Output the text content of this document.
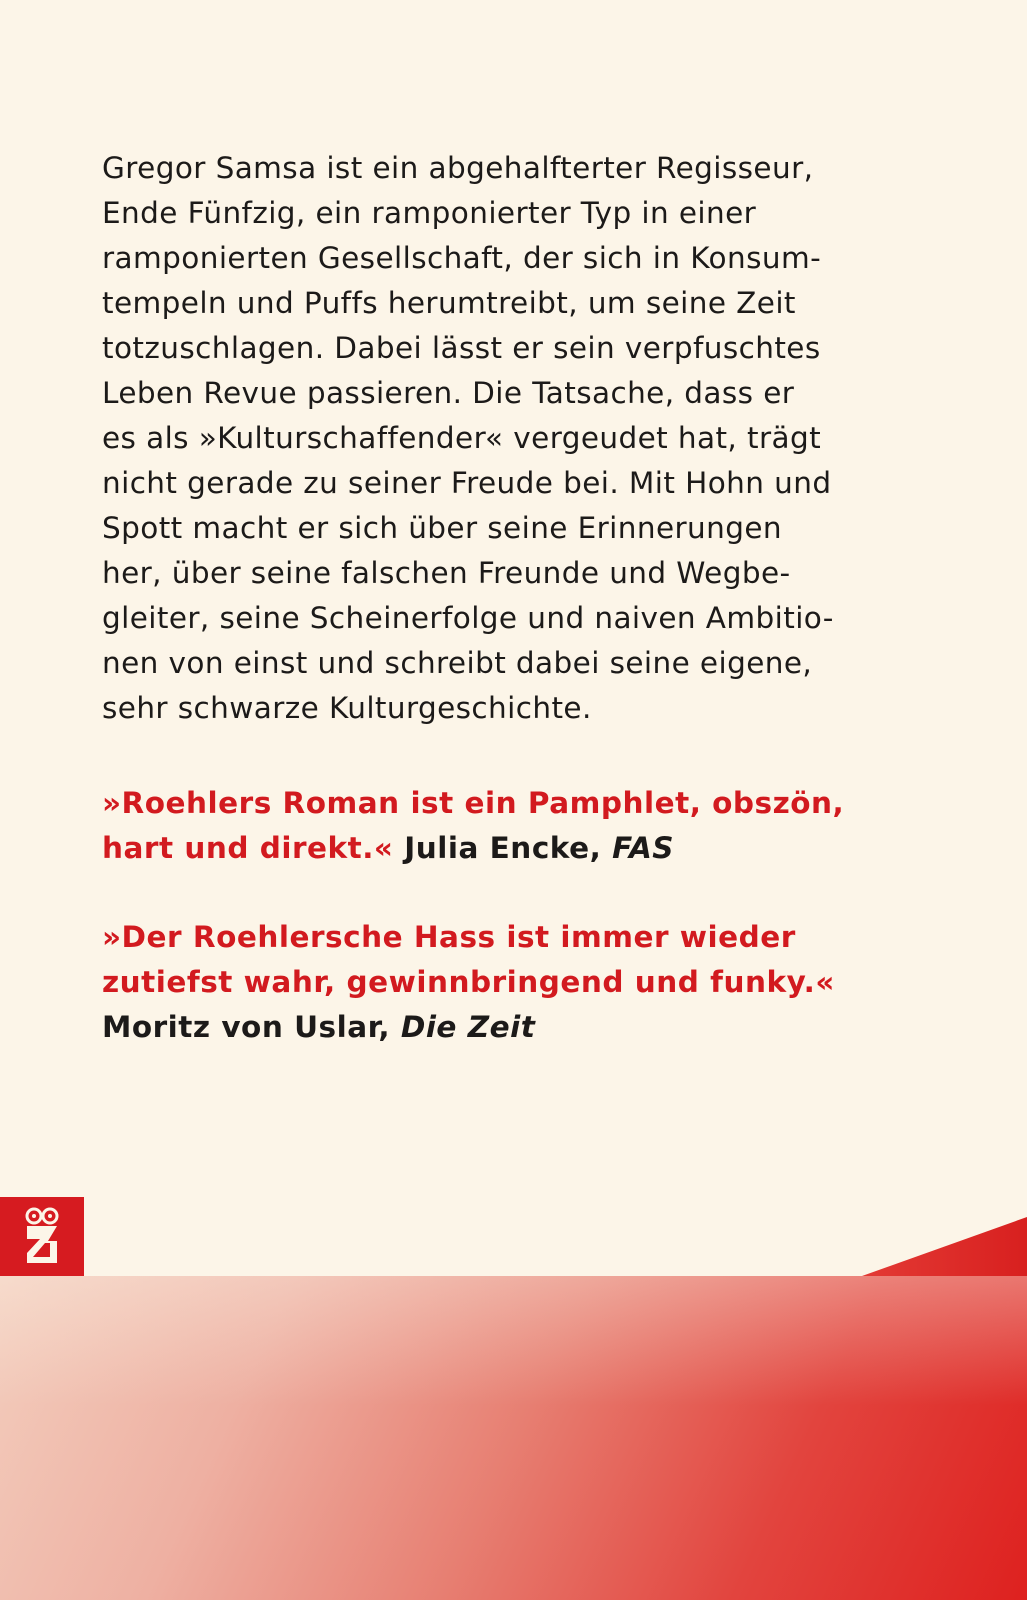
Gregor Samsa ist ein abgehalfterter Regisseur,
Ende Fünfzig, ein ramponierter Typ in einer
ramponierten Gesellschaft, der sich in Konsum-
tempeln und Puffs herumtreibt, um seine Zeit
totzuschlagen. Dabei lässt er sein verpfuschtes
Leben Revue passieren. Die Tatsache, dass er
es als »Kulturschaffender« vergeudet hat, trägt
nicht gerade zu seiner Freude bei. Mit Hohn und
Spott macht er sich über seine Erinnerungen
her, über seine falschen Freunde und Wegbe-
gleiter, seine Scheinerfolge und naiven Ambitio-
nen von einst und schreibt dabei seine eigene,
sehr schwarze Kulturgeschichte.
»Roehlers Roman ist ein Pamphlet, obszön,
hart und direkt.« Julia Encke, FAS
»Der Roehlersche Hass ist immer wieder
zutiefst wahr, gewinnbringend und funky.«
Moritz von Uslar, Die Zeit
